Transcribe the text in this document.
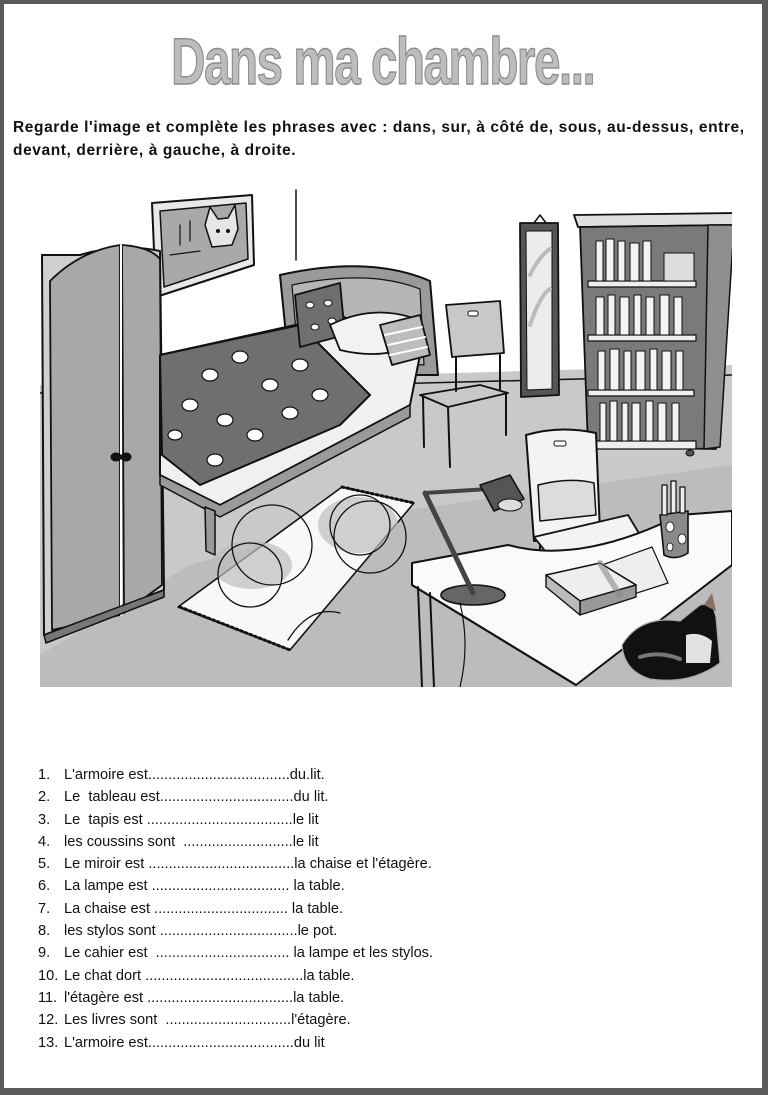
Dans ma chambre...
Regarde l'image et complète les phrases avec : dans, sur, à côté de, sous, au-dessus, entre, devant, derrière, à gauche, à droite.
1. L'armoire est...................................du.lit.
2. Le  tableau est.................................du lit.
3. Le  tapis est ....................................le lit
4. les coussins sont  ...........................le lit
5. Le miroir est ....................................la chaise et l'étagère.
6. La lampe est .................................. la table.
7. La chaise est ................................. la table.
8. les stylos sont ..................................le pot.
9. Le cahier est  ................................. la lampe et les stylos.
10. Le chat dort .......................................la table.
11. l'étagère est ....................................la table.
12. Les livres sont  ...............................l'étagère.
13. L'armoire est....................................du lit
